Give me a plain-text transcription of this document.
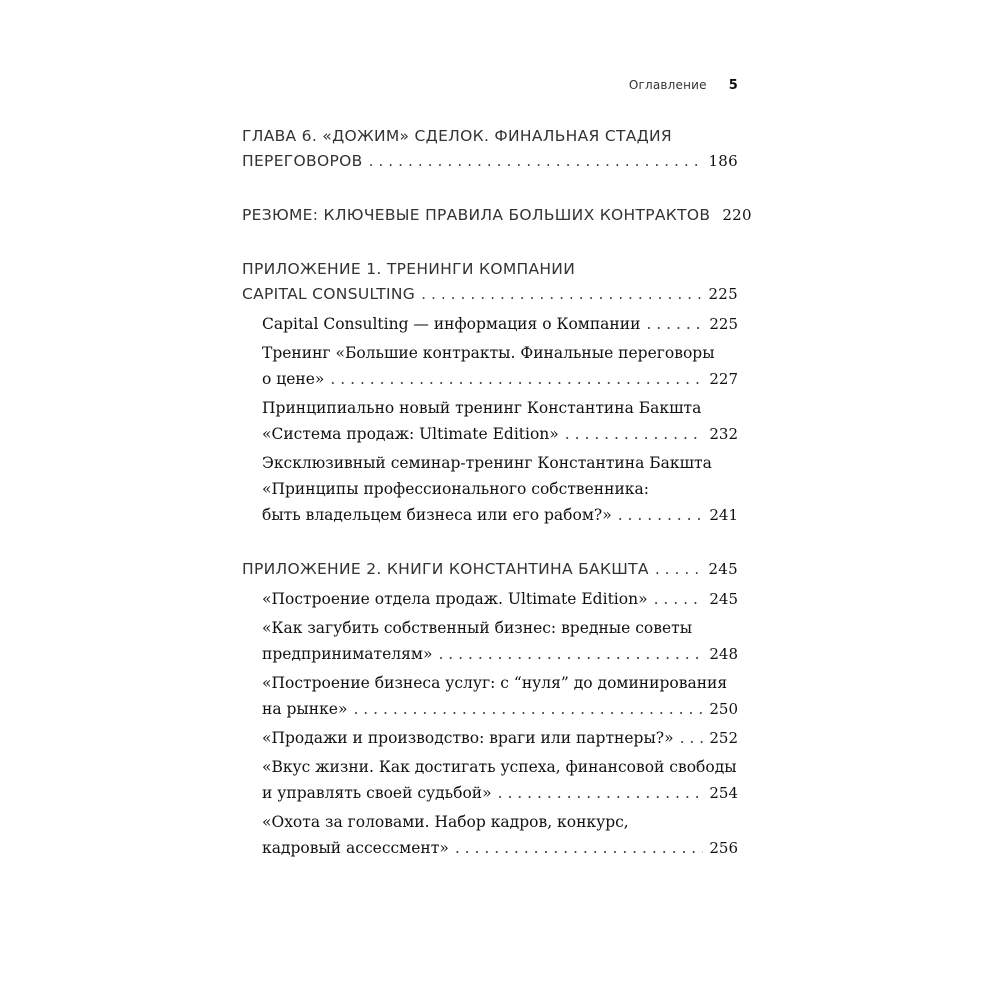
Оглавление 5
ГЛАВА 6. «ДОЖИМ» СДЕЛОК. ФИНАЛЬНАЯ СТАДИЯ
ПЕРЕГОВОРОВ . . .	186
РЕЗЮМЕ: КЛЮЧЕВЫЕ ПРАВИЛА БОЛЬШИХ КОНТРАКТОВ 220
ПРИЛОЖЕНИЕ 1. ТРЕНИНГИ КОМПАНИИ
CAPITAL CONSULTING . . .	225
Capital Consulting — информация о Компании . . .	225
Тренинг «Большие контракты. Финальные переговоры
о цене» . . .	227
Принципиально новый тренинг Константина Бакшта
«Система продаж: Ultimate Edition» . . .	232
Эксклюзивный семинар-тренинг Константина Бакшта
«Принципы профессионального собственника:
быть владельцем бизнеса или его рабом?» . . .	241
ПРИЛОЖЕНИЕ 2. КНИГИ КОНСТАНТИНА БАКШТА . . .	245
«Построение отдела продаж. Ultimate Edition» . . .	245
«Как загубить собственный бизнес: вредные советы
предпринимателям» . . .	248
«Построение бизнеса услуг: с “нуля” до доминирования
на рынке» . . .	250
«Продажи и производство: враги или партнеры?» . . . 252
«Вкус жизни. Как достигать успеха, финансовой свободы
и управлять своей судьбой» . . .	254
«Охота за головами. Набор кадров, конкурс,
кадровый ассессмент» . . .	256
